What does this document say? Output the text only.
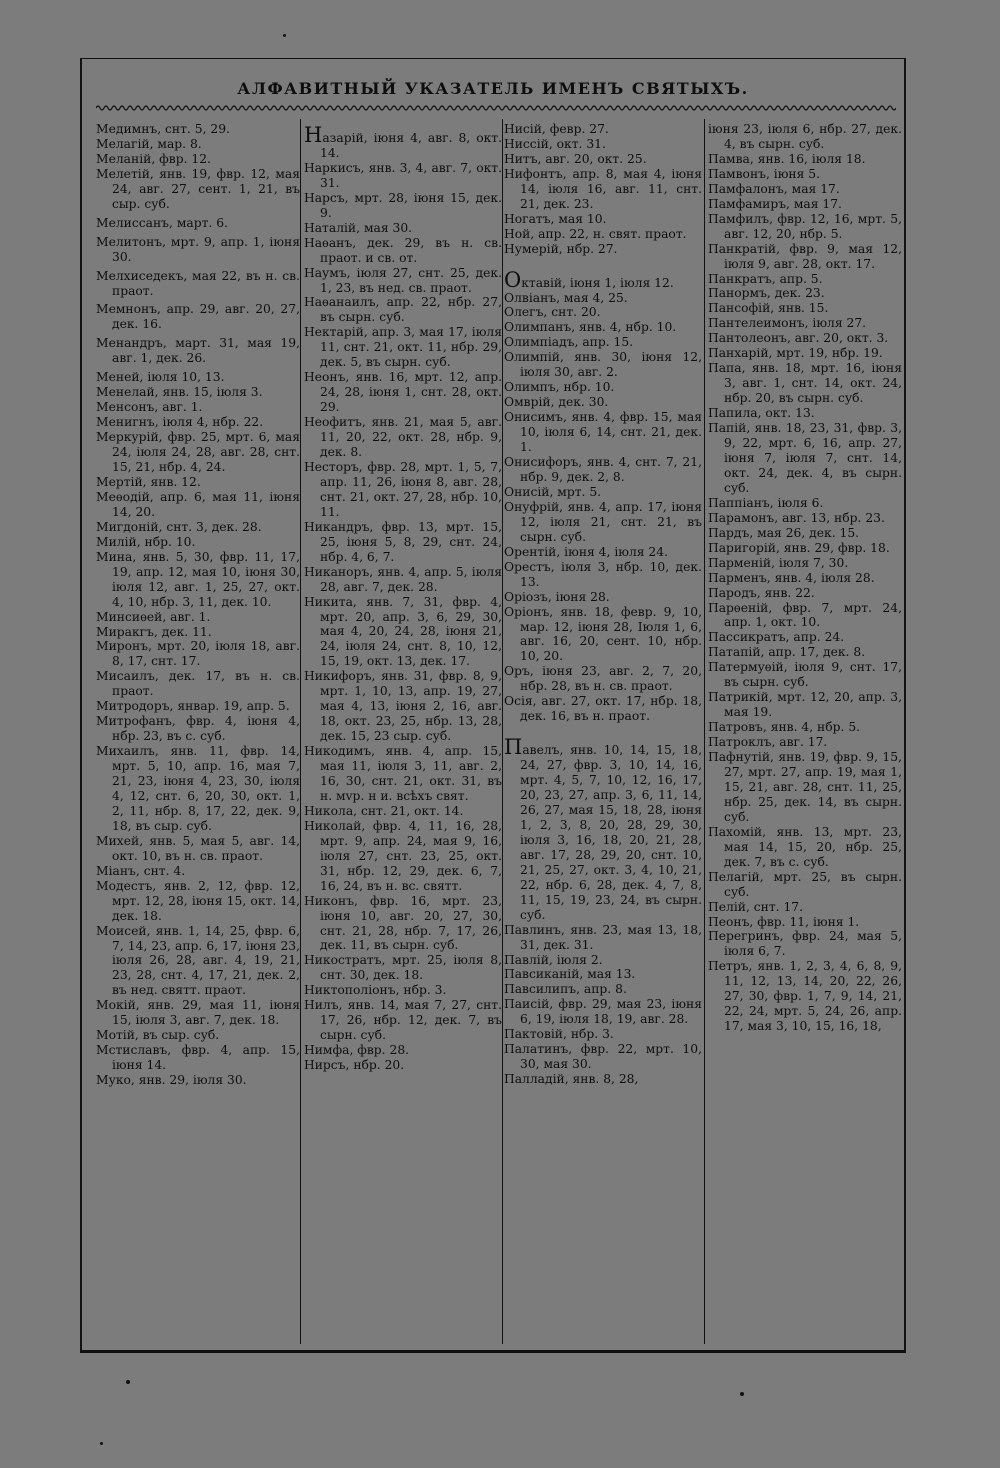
АЛФАВИТНЫЙ УКАЗАТЕЛЬ ИМЕНЪ СВЯТЫХЪ.

Медимнъ, снт. 5, 29.

Мелагій, мар. 8.

Меланій, фвр. 12.

Мелетій, янв. 19, фвр. 12, мая 24, авг. 27, сент. 1, 21, въ сыр. суб.

Мелиссанъ, март. 6.

Мелитонъ, мрт. 9, апр. 1, іюня 30.

Мелхиседекъ, мая 22, въ н. св. праот.

Мемнонъ, апр. 29, авг. 20, 27, дек. 16.

Менандръ, март. 31, мая 19, авг. 1, дек. 26.

Меней, іюля 10, 13.

Менелай, янв. 15, іюля 3.

Менсонъ, авг. 1.

Менигнъ, іюля 4, нбр. 22.

Меркурій, фвр. 25, мрт. 6, мая 24, іюля 24, 28, авг. 28, снт. 15, 21, нбр. 4, 24.

Мертій, янв. 12.

Меѳодій, апр. 6, мая 11, іюня 14, 20.

Мигдоній, снт. 3, дек. 28.

Милій, нбр. 10.

Мина, янв. 5, 30, фвр. 11, 17, 19, апр. 12, мая 10, іюня 30, іюля 12, авг. 1, 25, 27, окт. 4, 10, нбр. 3, 11, дек. 10.

Минсиѳей, авг. 1.

Миракгъ, дек. 11.

Миронъ, мрт. 20, іюля 18, авг. 8, 17, снт. 17.

Мисаилъ, дек. 17, въ н. св. праот.

Митродоръ, январ. 19, апр. 5.

Митрофанъ, фвр. 4, іюня 4, нбр. 23, въ с. суб.

Михаилъ, янв. 11, фвр. 14, мрт. 5, 10, апр. 16, мая 7, 21, 23, іюня 4, 23, 30, іюля 4, 12, снт. 6, 20, 30, окт. 1, 2, 11, нбр. 8, 17, 22, дек. 9, 18, въ сыр. суб.

Михей, янв. 5, мая 5, авг. 14, окт. 10, въ н. св. праот.

Міанъ, снт. 4.

Модестъ, янв. 2, 12, фвр. 12, мрт. 12, 28, іюня 15, окт. 14, дек. 18.

Моисей, янв. 1, 14, 25, фвр. 6, 7, 14, 23, апр. 6, 17, іюня 23, іюля 26, 28, авг. 4, 19, 21, 23, 28, снт. 4, 17, 21, дек. 2, въ нед. святт. праот.

Мокій, янв. 29, мая 11, іюня 15, іюля 3, авг. 7, дек. 18.

Мотій, въ сыр. суб.

Мстиславъ, фвр. 4, апр. 15, іюня 14.

Муко, янв. 29, іюля 30.

Назарій, іюня 4, авг. 8, окт. 14.

Наркисъ, янв. 3, 4, авг. 7, окт. 31.

Нарсъ, мрт. 28, іюня 15, дек. 9.

Наталій, мая 30.

Наѳанъ, дек. 29, въ н. св. праот. и св. от.

Наумъ, іюля 27, снт. 25, дек. 1, 23, въ нед. св. праот.

Наѳанаилъ, апр. 22, нбр. 27, въ сырн. суб.

Нектарій, апр. 3, мая 17, іюля 11, снт. 21, окт. 11, нбр. 29, дек. 5, въ сырн. суб.

Неонъ, янв. 16, мрт. 12, апр. 24, 28, іюня 1, снт. 28, окт. 29.

Неофитъ, янв. 21, мая 5, авг. 11, 20, 22, окт. 28, нбр. 9, дек. 8.

Несторъ, фвр. 28, мрт. 1, 5, 7, апр. 11, 26, іюня 8, авг. 28, снт. 21, окт. 27, 28, нбр. 10, 11.

Никандръ, фвр. 13, мрт. 15, 25, іюня 5, 8, 29, снт. 24, нбр. 4, 6, 7.

Никаноръ, янв. 4, апр. 5, іюля 28, авг. 7, дек. 28.

Никита, янв. 7, 31, фвр. 4, мрт. 20, апр. 3, 6, 29, 30, мая 4, 20, 24, 28, іюня 21, 24, іюля 24, снт. 8, 10, 12, 15, 19, окт. 13, дек. 17.

Никифоръ, янв. 31, фвр. 8, 9, мрт. 1, 10, 13, апр. 19, 27, мая 4, 13, іюня 2, 16, авг. 18, окт. 23, 25, нбр. 13, 28, дек. 15, 23 сыр. суб.

Никодимъ, янв. 4, апр. 15, мая 11, іюля 3, 11, авг. 2, 16, 30, снт. 21, окт. 31, въ н. мvр. н и. всѣхъ свят.

Никола, снт. 21, окт. 14.

Николай, фвр. 4, 11, 16, 28, мрт. 9, апр. 24, мая 9, 16, іюля 27, снт. 23, 25, окт. 31, нбр. 12, 29, дек. 6, 7, 16, 24, въ н. вс. святт.

Никонъ, фвр. 16, мрт. 23, іюня 10, авг. 20, 27, 30, снт. 21, 28, нбр. 7, 17, 26, дек. 11, въ сырн. суб.

Никостратъ, мрт. 25, іюля 8, снт. 30, дек. 18.

Никтополіонъ, нбр. 3.

Нилъ, янв. 14, мая 7, 27, снт. 17, 26, нбр. 12, дек. 7, въ сырн. суб.

Нимфа, фвр. 28.

Нирсъ, нбр. 20.

Нисій, февр. 27.

Ниссій, окт. 31.

Нитъ, авг. 20, окт. 25.

Нифонтъ, апр. 8, мая 4, іюня 14, іюля 16, авг. 11, снт. 21, дек. 23.

Ногатъ, мая 10.

Ной, апр. 22, н. свят. праот.

Нумерій, нбр. 27.

Октавій, іюня 1, іюля 12.

Олвіанъ, мая 4, 25.

Олегъ, снт. 20.

Олимпанъ, янв. 4, нбр. 10.

Олимпіадъ, апр. 15.

Олимпій, янв. 30, іюня 12, іюля 30, авг. 2.

Олимпъ, нбр. 10.

Омврій, дек. 30.

Онисимъ, янв. 4, фвр. 15, мая 10, іюля 6, 14, снт. 21, дек. 1.

Онисифоръ, янв. 4, снт. 7, 21, нбр. 9, дек. 2, 8.

Онисій, мрт. 5.

Онуфрій, янв. 4, апр. 17, іюня 12, іюля 21, снт. 21, въ сырн. суб.

Орентій, іюня 4, іюля 24.

Орестъ, іюля 3, нбр. 10, дек. 13.

Оріозъ, іюня 28.

Оріонъ, янв. 18, февр. 9, 10, мар. 12, іюня 28, Іюля 1, 6, авг. 16, 20, сент. 10, нбр. 10, 20.

Оръ, іюня 23, авг. 2, 7, 20, нбр. 28, въ н. св. праот.

Осія, авг. 27, окт. 17, нбр. 18, дек. 16, въ н. праот.

Павелъ, янв. 10, 14, 15, 18, 24, 27, фвр. 3, 10, 14, 16, мрт. 4, 5, 7, 10, 12, 16, 17, 20, 23, 27, апр. 3, 6, 11, 14, 26, 27, мая 15, 18, 28, іюня 1, 2, 3, 8, 20, 28, 29, 30, іюля 3, 16, 18, 20, 21, 28, авг. 17, 28, 29, 20, снт. 10, 21, 25, 27, окт. 3, 4, 10, 21, 22, нбр. 6, 28, дек. 4, 7, 8, 11, 15, 19, 23, 24, въ сырн. суб.

Павлинъ, янв. 23, мая 13, 18, 31, дек. 31.

Павлій, іюля 2.

Павсиканій, мая 13.

Павсилипъ, апр. 8.

Паисій, фвр. 29, мая 23, іюня 6, 19, іюля 18, 19, авг. 28.

Пактовій, нбр. 3.

Палатинъ, фвр. 22, мрт. 10, 30, мая 30.

Палладій, янв. 8, 28,

іюня 23, іюля 6, нбр. 27, дек. 4, въ сырн. суб.

Памва, янв. 16, іюля 18.

Памвонъ, іюня 5.

Памфалонъ, мая 17.

Памфамиръ, мая 17.

Памфилъ, фвр. 12, 16, мрт. 5, авг. 12, 20, нбр. 5.

Панкратій, фвр. 9, мая 12, іюля 9, авг. 28, окт. 17.

Панкратъ, апр. 5.

Панормъ, дек. 23.

Пансофій, янв. 15.

Пантелеимонъ, іюля 27.

Пантолеонъ, авг. 20, окт. 3.

Панхарій, мрт. 19, нбр. 19.

Папа, янв. 18, мрт. 16, іюня 3, авг. 1, снт. 14, окт. 24, нбр. 20, въ сырн. суб.

Папила, окт. 13.

Папій, янв. 18, 23, 31, фвр. 3, 9, 22, мрт. 6, 16, апр. 27, іюня 7, іюля 7, снт. 14, окт. 24, дек. 4, въ сырн. суб.

Паппіанъ, іюля 6.

Парамонъ, авг. 13, нбр. 23.

Пардъ, мая 26, дек. 15.

Паригорій, янв. 29, фвр. 18.

Парменій, іюля 7, 30.

Парменъ, янв. 4, іюля 28.

Пародъ, янв. 22.

Парѳеній, фвр. 7, мрт. 24, апр. 1, окт. 10.

Пассикратъ, апр. 24.

Патапій, апр. 17, дек. 8.

Патермуѳій, іюля 9, снт. 17, въ сырн. суб.

Патрикій, мрт. 12, 20, апр. 3, мая 19.

Патровъ, янв. 4, нбр. 5.

Патроклъ, авг. 17.

Пафнутій, янв. 19, фвр. 9, 15, 27, мрт. 27, апр. 19, мая 1, 15, 21, авг. 28, снт. 11, 25, нбр. 25, дек. 14, въ сырн. суб.

Пахомій, янв. 13, мрт. 23, мая 14, 15, 20, нбр. 25, дек. 7, въ с. суб.

Пелагій, мрт. 25, въ сырн. суб.

Пелій, снт. 17.

Пеонъ, фвр. 11, іюня 1.

Перегринъ, фвр. 24, мая 5, іюля 6, 7.

Петръ, янв. 1, 2, 3, 4, 6, 8, 9, 11, 12, 13, 14, 20, 22, 26, 27, 30, фвр. 1, 7, 9, 14, 21, 22, 24, мрт. 5, 24, 26, апр. 17, мая 3, 10, 15, 16, 18,
